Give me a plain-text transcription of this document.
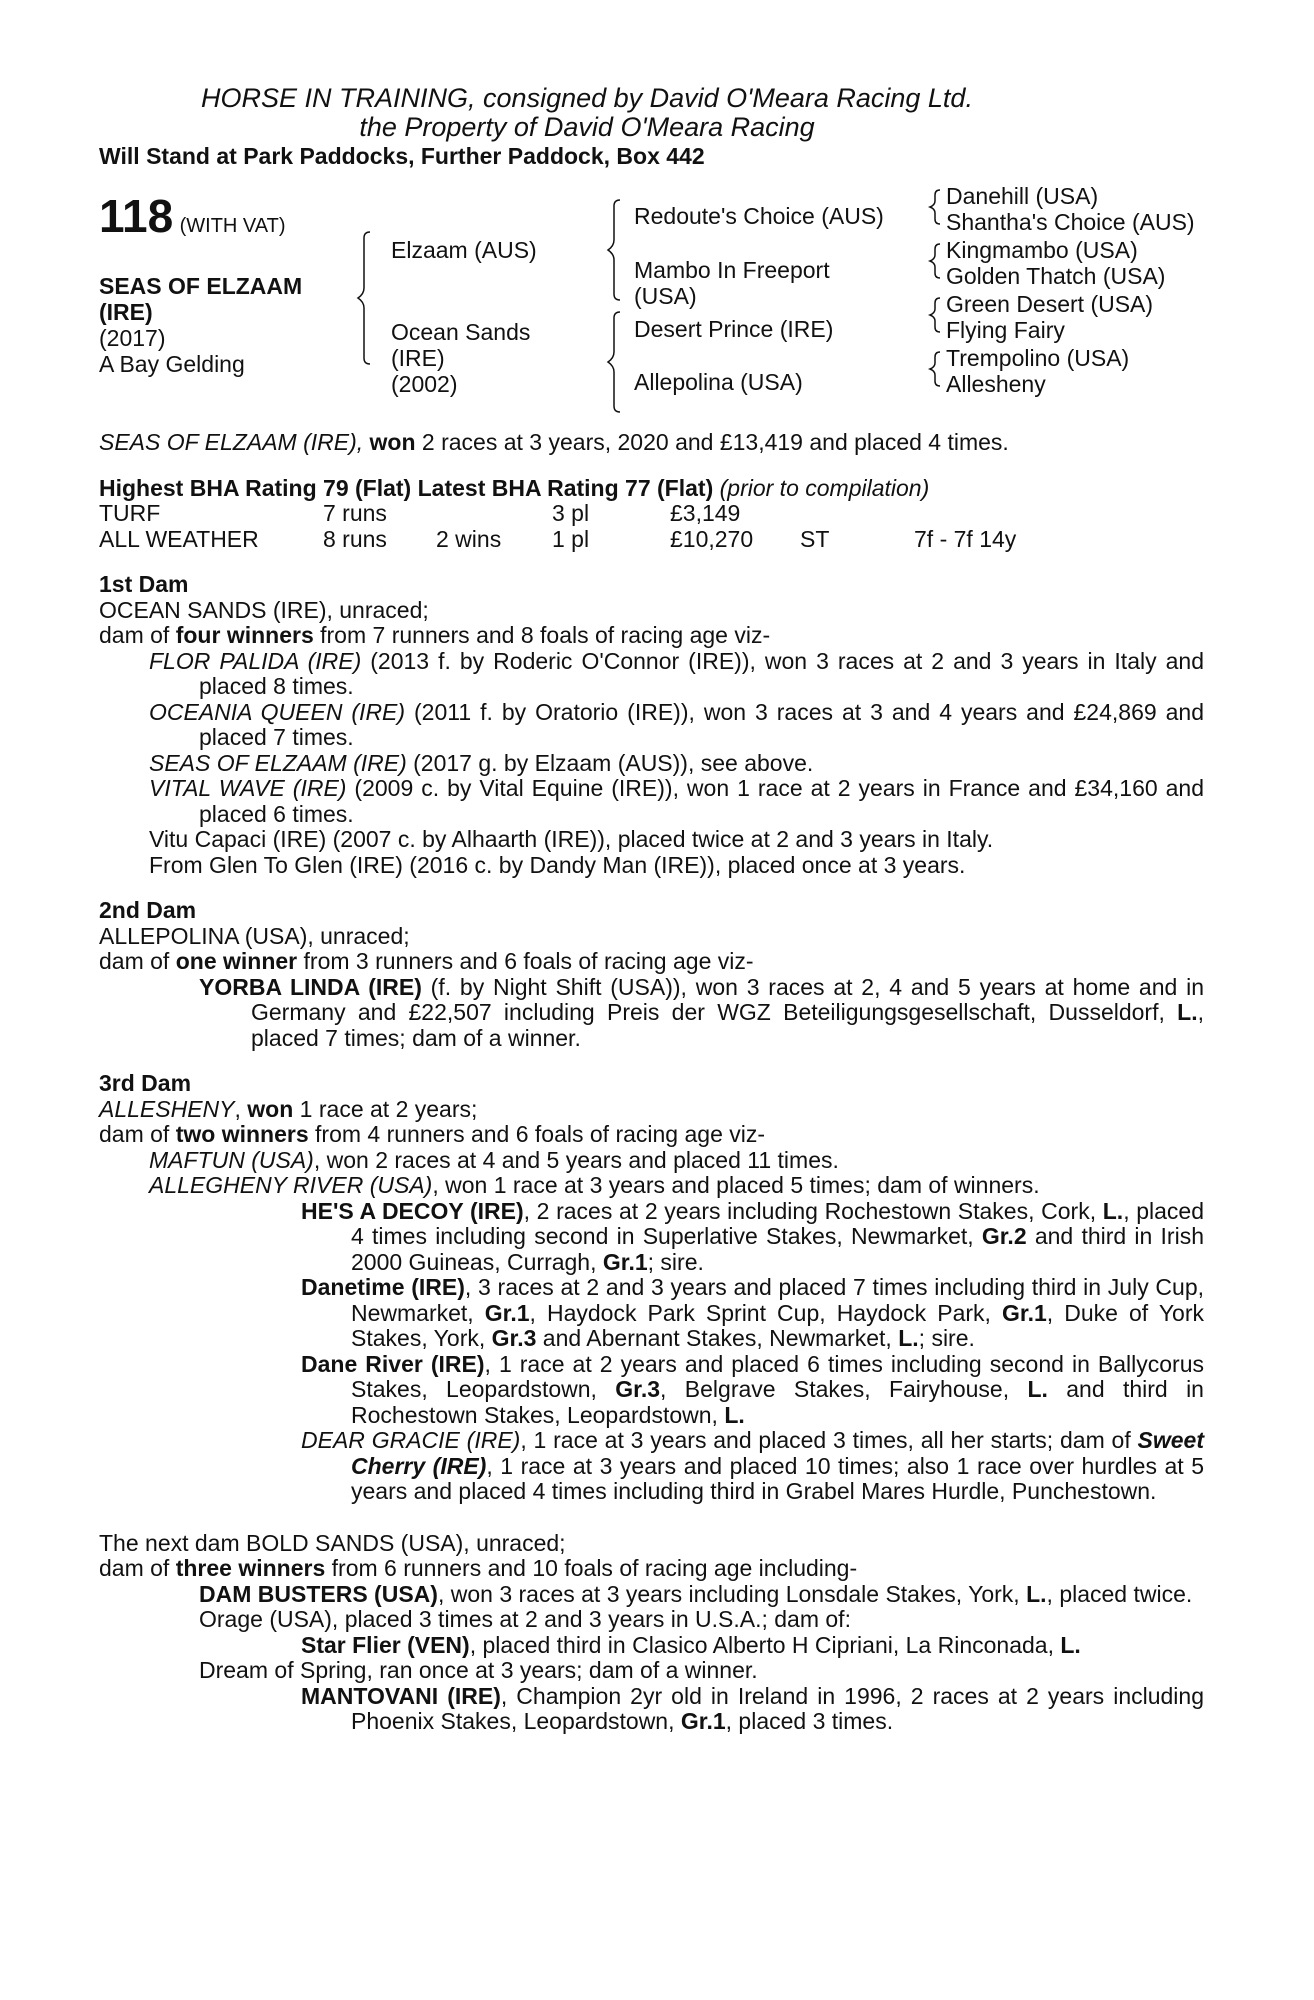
HORSE IN TRAINING, consigned by David O'Meara Racing Ltd.
the Property of David O'Meara Racing
Will Stand at Park Paddocks, Further Paddock, Box 442
118 (WITH VAT)
SEAS OF ELZAAM
(IRE)
(2017)
A Bay Gelding
Elzaam (AUS)
Ocean Sands
(IRE)
(2002)
Redoute's Choice (AUS)
Mambo In Freeport
(USA)
Desert Prince (IRE)
Allepolina (USA)
Danehill (USA)
Shantha's Choice (AUS)
Kingmambo (USA)
Golden Thatch (USA)
Green Desert (USA)
Flying Fairy
Trempolino (USA)
Allesheny
SEAS OF ELZAAM (IRE), won 2 races at 3 years, 2020 and £13,419 and placed 4 times.
Highest BHA Rating 79 (Flat) Latest BHA Rating 77 (Flat) (prior to compilation)
TURF	7 runs		3 pl	£3,149		
ALL WEATHER	8 runs	2 wins	1 pl	£10,270	ST	7f - 7f 14y
1st Dam
OCEAN SANDS (IRE), unraced;
dam of four winners from 7 runners and 8 foals of racing age viz-
FLOR PALIDA (IRE) (2013 f. by Roderic O'Connor (IRE)), won 3 races at 2 and 3 years in Italy and placed 8 times.
OCEANIA QUEEN (IRE) (2011 f. by Oratorio (IRE)), won 3 races at 3 and 4 years and £24,869 and placed 7 times.
SEAS OF ELZAAM (IRE) (2017 g. by Elzaam (AUS)), see above.
VITAL WAVE (IRE) (2009 c. by Vital Equine (IRE)), won 1 race at 2 years in France and £34,160 and placed 6 times.
Vitu Capaci (IRE) (2007 c. by Alhaarth (IRE)), placed twice at 2 and 3 years in Italy.
From Glen To Glen (IRE) (2016 c. by Dandy Man (IRE)), placed once at 3 years.
2nd Dam
ALLEPOLINA (USA), unraced;
dam of one winner from 3 runners and 6 foals of racing age viz-
YORBA LINDA (IRE) (f. by Night Shift (USA)), won 3 races at 2, 4 and 5 years at home and in Germany and £22,507 including Preis der WGZ Beteiligungsgesellschaft, Dusseldorf, L., placed 7 times; dam of a winner.
3rd Dam
ALLESHENY, won 1 race at 2 years;
dam of two winners from 4 runners and 6 foals of racing age viz-
MAFTUN (USA), won 2 races at 4 and 5 years and placed 11 times.
ALLEGHENY RIVER (USA), won 1 race at 3 years and placed 5 times; dam of winners.
HE'S A DECOY (IRE), 2 races at 2 years including Rochestown Stakes, Cork, L., placed 4 times including second in Superlative Stakes, Newmarket, Gr.2 and third in Irish 2000 Guineas, Curragh, Gr.1; sire.
Danetime (IRE), 3 races at 2 and 3 years and placed 7 times including third in July Cup, Newmarket, Gr.1, Haydock Park Sprint Cup, Haydock Park, Gr.1, Duke of York Stakes, York, Gr.3 and Abernant Stakes, Newmarket, L.; sire.
Dane River (IRE), 1 race at 2 years and placed 6 times including second in Ballycorus Stakes, Leopardstown, Gr.3, Belgrave Stakes, Fairyhouse, L. and third in Rochestown Stakes, Leopardstown, L.
DEAR GRACIE (IRE), 1 race at 3 years and placed 3 times, all her starts; dam of Sweet Cherry (IRE), 1 race at 3 years and placed 10 times; also 1 race over hurdles at 5 years and placed 4 times including third in Grabel Mares Hurdle, Punchestown.
The next dam BOLD SANDS (USA), unraced;
dam of three winners from 6 runners and 10 foals of racing age including-
DAM BUSTERS (USA), won 3 races at 3 years including Lonsdale Stakes, York, L., placed twice.
Orage (USA), placed 3 times at 2 and 3 years in U.S.A.; dam of:
Star Flier (VEN), placed third in Clasico Alberto H Cipriani, La Rinconada, L.
Dream of Spring, ran once at 3 years; dam of a winner.
MANTOVANI (IRE), Champion 2yr old in Ireland in 1996, 2 races at 2 years including Phoenix Stakes, Leopardstown, Gr.1, placed 3 times.
